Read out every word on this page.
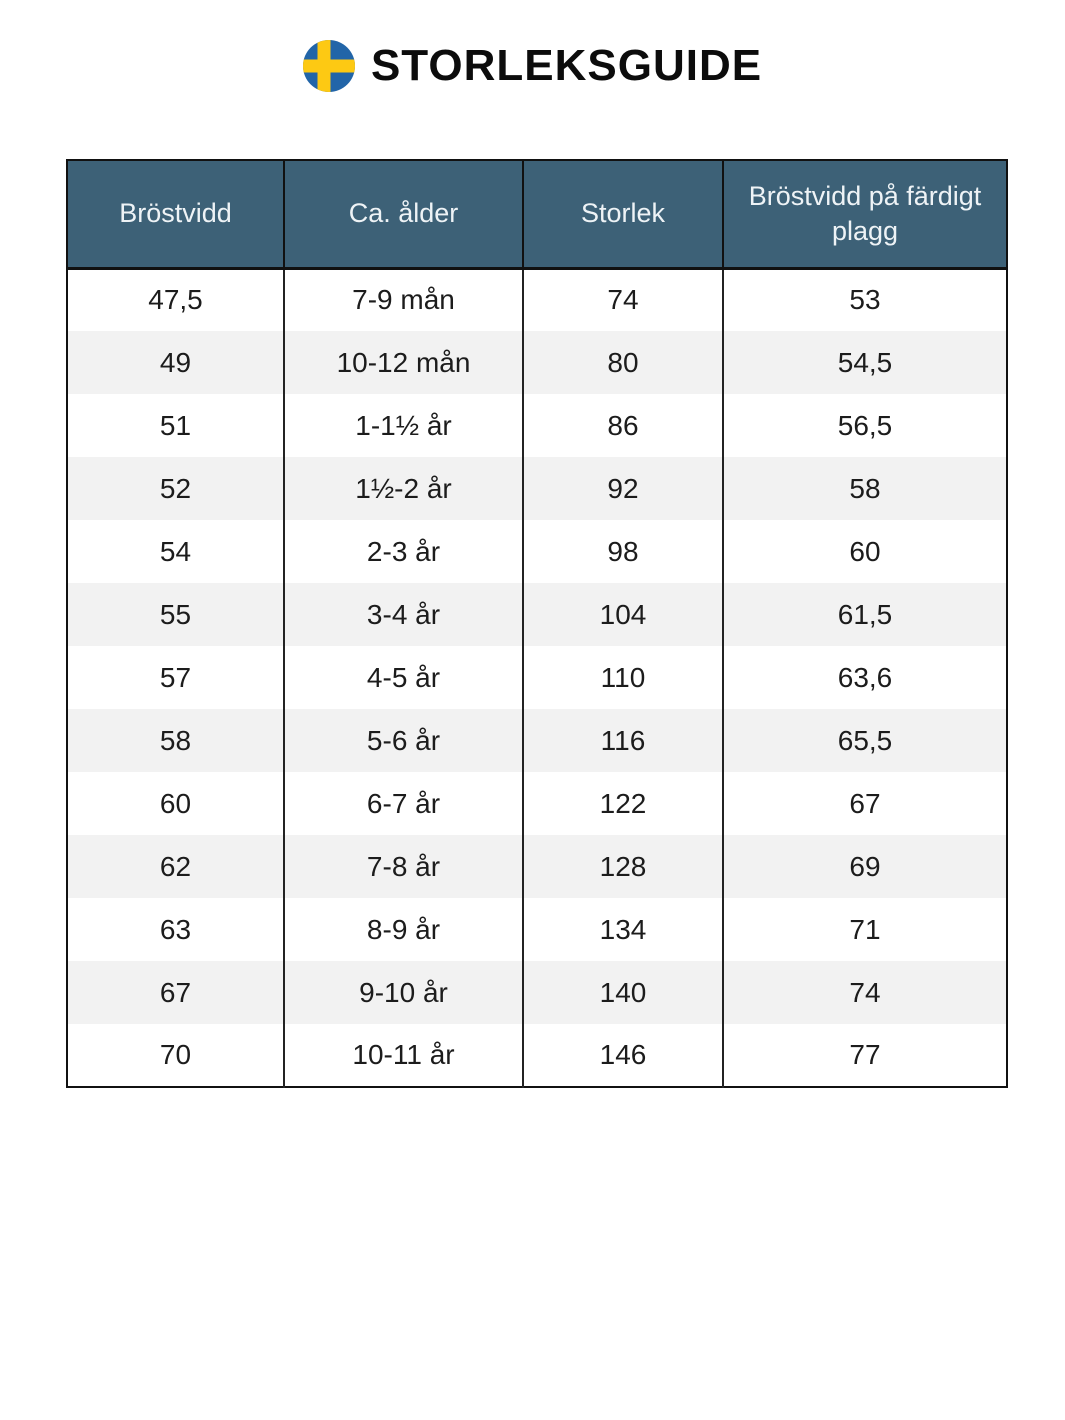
STORLEKSGUIDE
Bröstvidd	Ca. ålder	Storlek	Bröstvidd på färdigt plagg
47,5	7-9 mån	74	53
49	10-12 mån	80	54,5
51	1-1½ år	86	56,5
52	1½-2 år	92	58
54	2-3 år	98	60
55	3-4 år	104	61,5
57	4-5 år	110	63,6
58	5-6 år	116	65,5
60	6-7 år	122	67
62	7-8 år	128	69
63	8-9 år	134	71
67	9-10 år	140	74
70	10-11 år	146	77
